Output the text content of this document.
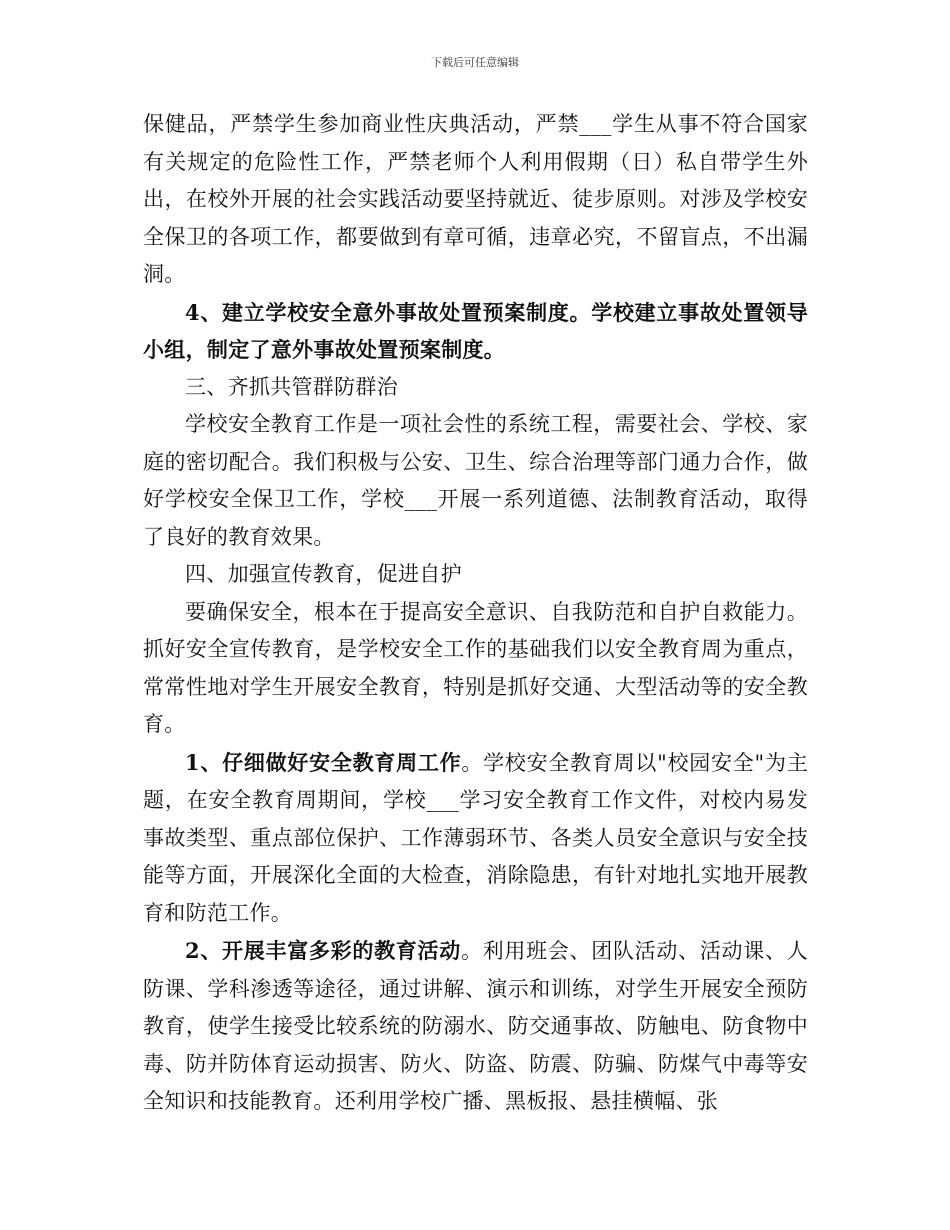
下载后可任意编辑

保健品，严禁学生参加商业性庆典活动，严禁___学生从事不符合国家有关规定的危险性工作，严禁老师个人利用假期（日）私自带学生外出，在校外开展的社会实践活动要坚持就近、徒步原则。对涉及学校安全保卫的各项工作，都要做到有章可循，违章必究，不留盲点，不出漏洞。

4、建立学校安全意外事故处置预案制度。学校建立事故处置领导小组，制定了意外事故处置预案制度。

三、齐抓共管群防群治

学校安全教育工作是一项社会性的系统工程，需要社会、学校、家庭的密切配合。我们积极与公安、卫生、综合治理等部门通力合作，做好学校安全保卫工作，学校___开展一系列道德、法制教育活动，取得了良好的教育效果。

四、加强宣传教育，促进自护

要确保安全，根本在于提高安全意识、自我防范和自护自救能力。抓好安全宣传教育，是学校安全工作的基础我们以安全教育周为重点，常常性地对学生开展安全教育，特别是抓好交通、大型活动等的安全教育。

1、仔细做好安全教育周工作。学校安全教育周以"校园安全"为主题，在安全教育周期间，学校___学习安全教育工作文件，对校内易发事故类型、重点部位保护、工作薄弱环节、各类人员安全意识与安全技能等方面，开展深化全面的大检查，消除隐患，有针对地扎实地开展教育和防范工作。

2、开展丰富多彩的教育活动。利用班会、团队活动、活动课、人防课、学科渗透等途径，通过讲解、演示和训练，对学生开展安全预防教育，使学生接受比较系统的防溺水、防交通事故、防触电、防食物中毒、防并防体育运动损害、防火、防盗、防震、防骗、防煤气中毒等安全知识和技能教育。还利用学校广播、黑板报、悬挂横幅、张
